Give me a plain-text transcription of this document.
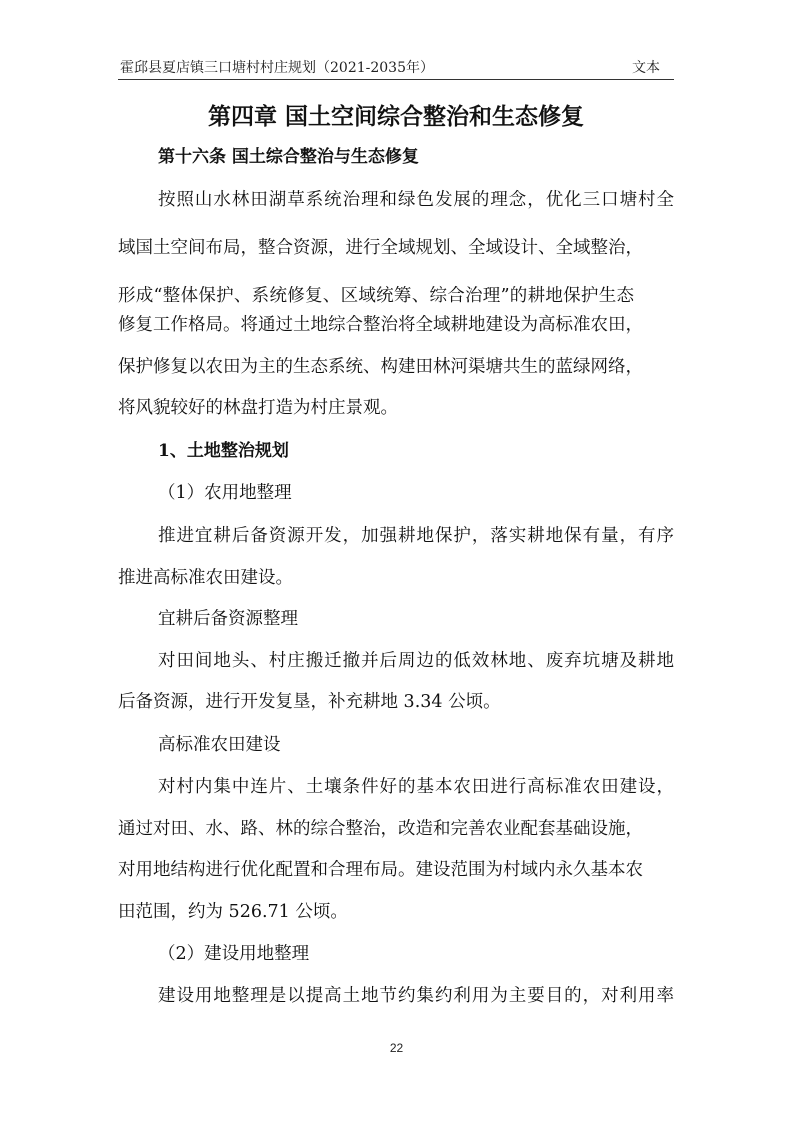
霍邱县夏店镇三口塘村村庄规划（2021-2035年）	文本
第四章 国土空间综合整治和生态修复
第十六条 国土综合整治与生态修复
按照山水林田湖草系统治理和绿色发展的理念，优化三口塘村全
域国土空间布局，整合资源，进行全域规划、全域设计、全域整治，
形成“整体保护、系统修复、区域统筹、综合治理”的耕地保护生态
修复工作格局。将通过土地综合整治将全域耕地建设为高标准农田，
保护修复以农田为主的生态系统、构建田林河渠塘共生的蓝绿网络，
将风貌较好的林盘打造为村庄景观。
1、土地整治规划
（1）农用地整理
推进宜耕后备资源开发，加强耕地保护，落实耕地保有量，有序
推进高标准农田建设。
宜耕后备资源整理
对田间地头、村庄搬迁撤并后周边的低效林地、废弃坑塘及耕地
后备资源，进行开发复垦，补充耕地 3.34 公顷。
高标准农田建设
对村内集中连片、土壤条件好的基本农田进行高标准农田建设，
通过对田、水、路、林的综合整治，改造和完善农业配套基础设施，
对用地结构进行优化配置和合理布局。建设范围为村域内永久基本农
田范围，约为 526.71 公顷。
（2）建设用地整理
建设用地整理是以提高土地节约集约利用为主要目的，对利用率
22
